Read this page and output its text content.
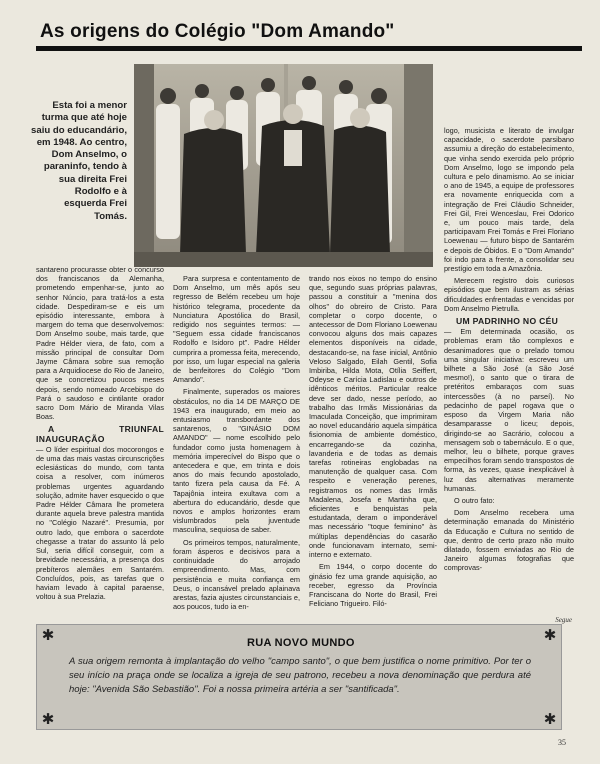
As origens do Colégio "Dom Amando"
Esta foi a menor turma que até hoje saiu do educandário, em 1948. Ao centro, Dom Anselmo, o paraninfo, tendo à sua direita Frei Rodolfo e à esquerda Frei Tomás.

santareno procurasse obter o concurso dos franciscanos da Alemanha, prometendo empenhar-se, junto ao senhor Núncio, para tratá-los a esta cidade. Despediram-se e eis um episódio interessante, embora à margem do tema que desenvolvemos: Dom Anselmo soube, mais tarde, que Padre Hélder viera, de fato, com a missão principal de consultar Dom Jayme Câmara sobre sua remoção para a Arquidiocese do Rio de Janeiro, que se concretizou poucos meses depois, sendo nomeado Arcebispo do Pará o saudoso e cintilante orador sacro Dom Mário de Miranda Vilas Boas.

A TRIUNFAL INAUGURAÇÃO

— O líder espiritual dos mocorongos e de uma das mais vastas circunscrições eclesiásticas do mundo, com tanta coisa a resolver, com inúmeros problemas urgentes aguardando solução, admite haver esquecido o que Padre Hélder Câmara lhe prometera durante aquela breve palestra mantida no "Colégio Nazaré". Presumia, por outro lado, que embora o sacerdote chegasse a tratar do assunto lá pelo Sul, seria difícil conseguir, com a brevidade necessária, a presença dos prebíteros alemães em Santarém. Concluídos, pois, as tarefas que o haviam levado à capital paraense, voltou à sua Prelazia.

Para surpresa e contentamento de Dom Anselmo, um mês após seu regresso de Belém recebeu um hoje histórico telegrama, procedente da Nunciatura Apostólica do Brasil, redigido nos seguintes termos: — "Seguem essa cidade franciscanos Rodolfo e Isidoro pt". Padre Hélder cumprira a promessa feita, merecendo, por isso, um lugar especial na galeria de benfeitores do Colégio "Dom Amando".

Finalmente, superados os maiores obstáculos, no dia 14 DE MARÇO DE 1943 era inaugurado, em meio ao entusiasmo transbordante dos santarenos, o "GINÁSIO DOM AMANDO" — nome escolhido pelo fundador como justa homenagem à memória imperecível do Bispo que o antecedera e que, em trinta e dois anos do mais fecundo apostolado, tanto fizera pela causa da Fé. A Tapajônia inteira exultava com a abertura do educandário, desde que novos e amplos horizontes eram vislumbrados pela juventude masculina, sequiosa de saber.

Os primeiros tempos, naturalmente, foram ásperos e decisivos para a continuidade do arrojado empreendimento. Mas, com persistência e muita confiança em Deus, o incansável prelado aplainava arestas, fazia ajustes circunstanciais e, aos poucos, tudo ia en-

trando nos eixos no tempo do ensino que, segundo suas próprias palavras, passou a constituir a "menina dos olhos" do obreiro de Cristo. Para completar o corpo docente, o antecessor de Dom Floriano Loewenau convocou alguns dos mais capazes elementos disponíveis na cidade, destacando-se, na fase inicial, Antônio Veloso Salgado, Eilah Gentil, Sofia Imbiriba, Hilda Mota, Otília Seiffert, Odeyse e Carícia Ladislau e outros de idênticos méritos. Particular realce deve ser dado, nesse período, ao trabalho das Irmãs Missionárias da Imaculada Conceição, que imprimiram ao novel educandário aquela simpática fisionomia de ambiente doméstico, encarregando-se da cozinha, lavanderia e de todas as demais tarefas rotineiras englobadas na manutenção de qualquer casa. Com respeito e veneração perenes, registramos os nomes das Irmãs Madalena, Josefa e Martinha que, eficientes e benquistas pela estudantada, deram o imponderável mas necessário "toque feminino" às múltiplas dependências do casarão onde funcionavam internato, semi-interno e externato.

Em 1944, o corpo docente do ginásio fez uma grande aquisição, ao receber, egresso da Província Franciscana do Norte do Brasil, Frei Feliciano Trigueiro. Filó-

logo, musicista e literato de invulgar capacidade, o sacerdote parsibano assumiu a direção do estabelecimento, que vinha sendo exercida pelo próprio Dom Anselmo, logo se impondo pela cultura e pelo dinamismo. Ao se iniciar o ano de 1945, a equipe de professores era novamente enriquecida com a integração de Frei Cláudio Schneider, Frei Gil, Frei Wenceslau, Frei Odorico e, um pouco mais tarde, dela participavam Frei Tomás e Frei Floriano Loewenau — futuro bispo de Santarém e depois de Óbidos. E o "Dom Amando" foi indo para a frente, a consolidar seu prestígio em toda a Amazônia.

Merecem registro dois curiosos episódios que bem ilustram as sérias dificuldades enfrentadas e vencidas por Dom Anselmo Pietrulla.

UM PADRINHO NO CÉU

— Em determinada ocasião, os problemas eram tão complexos e desanimadores que o prelado tomou uma singular iniciativa: escreveu um bilhete a São José (a São José mesmo!), o santo que o tirara de pretéritos embaraços com suas intercessões (à no parseí). No pedacinho de papel rogava que o esposo da Virgem Maria não desamparasse o liceu; depois, dirigindo-se ao Sacrário, colocou a mensagem sob o tabernáculo. E o que, melhor, leu o bilhete, porque graves empecilhos foram sendo transpostos de forma, às vezes, quase inexplicável à luz das alternativas meramente humanas.

O outro fato:

Dom Anselmo recebera uma determinação emanada do Ministério da Educação e Cultura no sentido de que, dentro de certo prazo não muito dilatado, fossem enviadas ao Rio de Janeiro algumas fotografias que comprovas-

Segue
✱	✱
✱	✱
RUA NOVO MUNDO
A sua origem remonta à implantação do velho "campo santo", o que bem justifica o nome primitivo. Por ter o seu início na praça onde se localiza a igreja de seu patrono, recebeu a nova denominação que perdura até hoje: "Avenida São Sebastião". Foi a nossa primeira artéria a ser "santificada".
35
